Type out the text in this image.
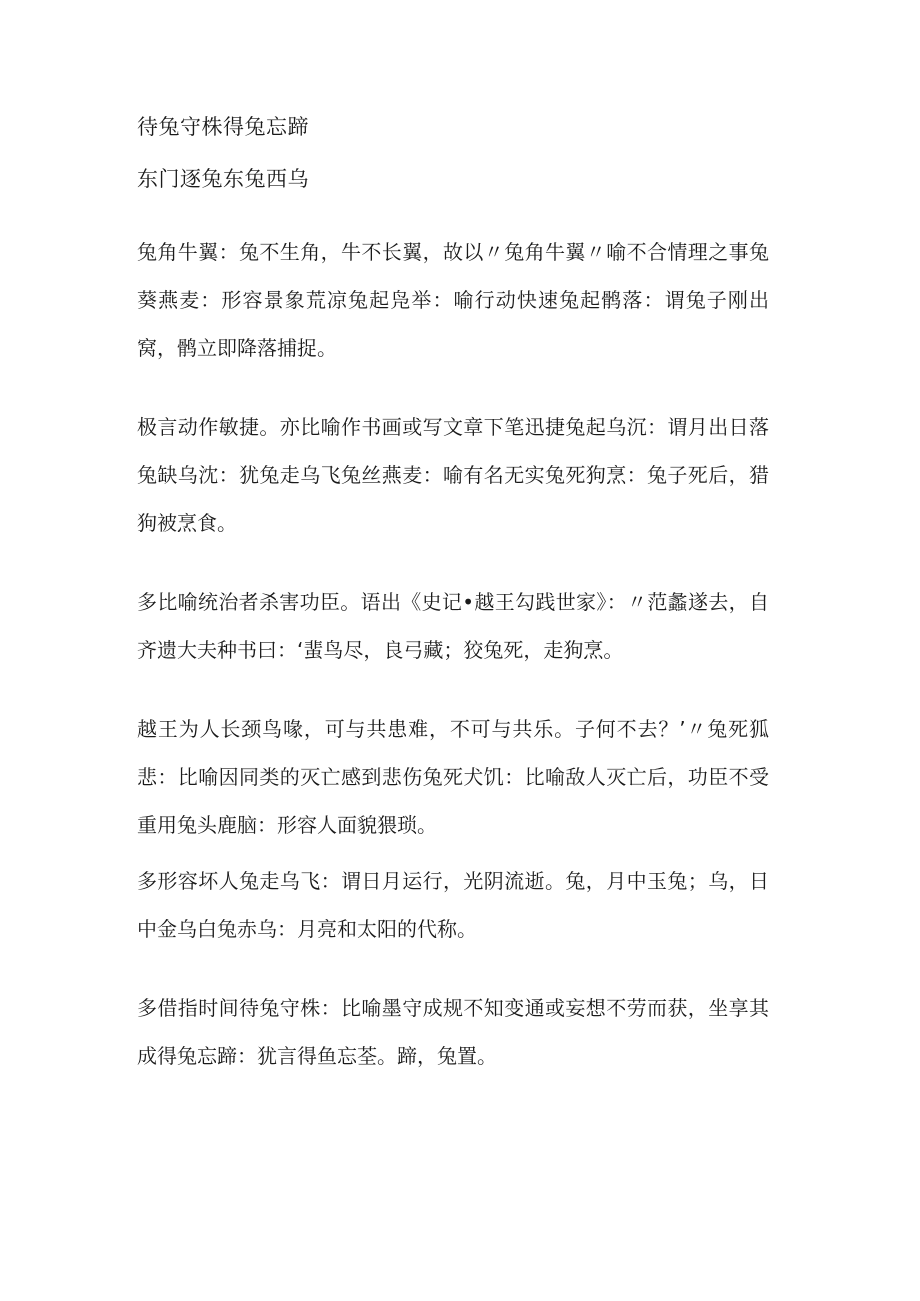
待兔守株得兔忘蹄
东门逐兔东兔西乌

兔角牛翼：兔不生角，牛不长翼，故以〃兔角牛翼〃喻不合情理之事兔葵燕麦：形容景象荒凉兔起凫举：喻行动快速兔起鹘落：谓兔子刚出窝，鹘立即降落捕捉。

极言动作敏捷。亦比喻作书画或写文章下笔迅捷兔起乌沉：谓月出日落兔缺乌沈：犹兔走乌飞兔丝燕麦：喻有名无实兔死狗烹：兔子死后，猎狗被烹食。

多比喻统治者杀害功臣。语出《史记•越王勾践世家》：〃范蠡遂去，自齐遗大夫种书曰：‘蜚鸟尽，良弓藏；狡兔死，走狗烹。

越王为人长颈鸟喙，可与共患难，不可与共乐。子何不去？’〃兔死狐悲：比喻因同类的灭亡感到悲伤兔死犬饥：比喻敌人灭亡后，功臣不受重用兔头鹿脑：形容人面貌猥琐。

多形容坏人兔走乌飞：谓日月运行，光阴流逝。兔，月中玉兔；乌，日中金乌白兔赤乌：月亮和太阳的代称。

多借指时间待兔守株：比喻墨守成规不知变通或妄想不劳而获，坐享其成得兔忘蹄：犹言得鱼忘荃。蹄，兔置。
